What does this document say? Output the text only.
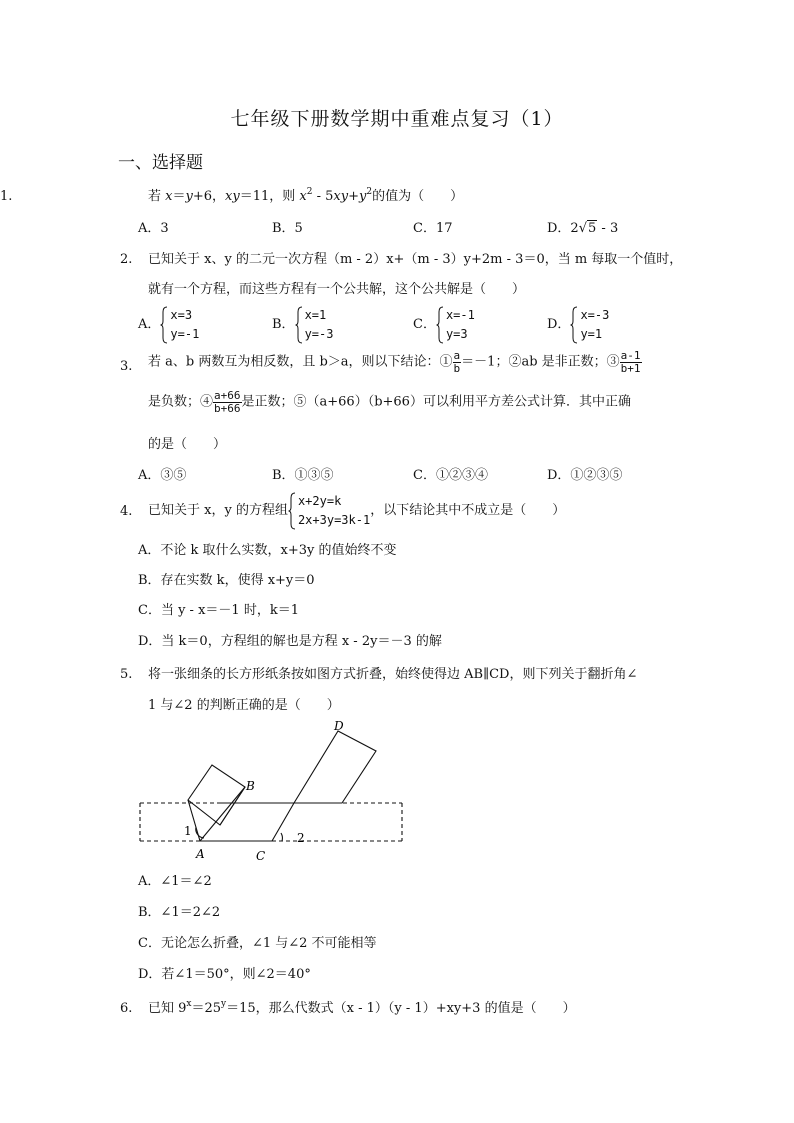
七年级下册数学期中重难点复习（1）
一、选择题
1.	若 x＝y+6，xy＝11，则 $x^2 - 5xy+y^2$的值为（　　）
A．3	B．5	C．17	D．2√5 - 3
2. 已知关于 x、y 的二元一次方程（m - 2）x+（m - 3）y+2m - 3＝0，当 m 每取一个值时，
就有一个方程，而这些方程有一个公共解，这个公共解是（　　）
A．
x=3
y=-1
B．
x=1
y=-3
C．
x=-1
y=3
D．
x=-3
y=1
3. 若 a、b 两数互为相反数，且 b＞a，则以下结论：① $\frac{a}{b} =-1$；②ab 是非正数；③ $\frac{a-1}{b+1}$
是负数；④ $\frac{a+66}{b+66}$ 是正数；⑤（a+66）（b+66）可以利用平方差公式计算．其中正确
的是（　　）
A．③⑤	B．①③⑤	C．①②③④	D．①②③⑤
4. 已知关于 x，y 的方程组
x+2y=k
2x+3y=3k-1
，以下结论其中不成立是（　　）
A．不论 k 取什么实数，x+3y 的值始终不变
B．存在实数 k，使得 x+y＝0
C．当 y - x＝－1 时，k＝1
D．当 k＝0，方程组的解也是方程 x - 2y＝－3 的解
5. 将一张细条的长方形纸条按如图方式折叠，始终使得边 AB∥CD，则下列关于翻折角∠
1 与∠2 的判断正确的是（　　）
A
B
C
D
1	2
A．∠1＝∠2
B．∠1＝2∠2
C．无论怎么折叠，∠1 与∠2 不可能相等
D．若∠1＝50°，则∠2＝40°
6. 已知 $9^x=25^y=15$，那么代数式（x - 1）（y - 1）+xy+3 的值是（　　）
